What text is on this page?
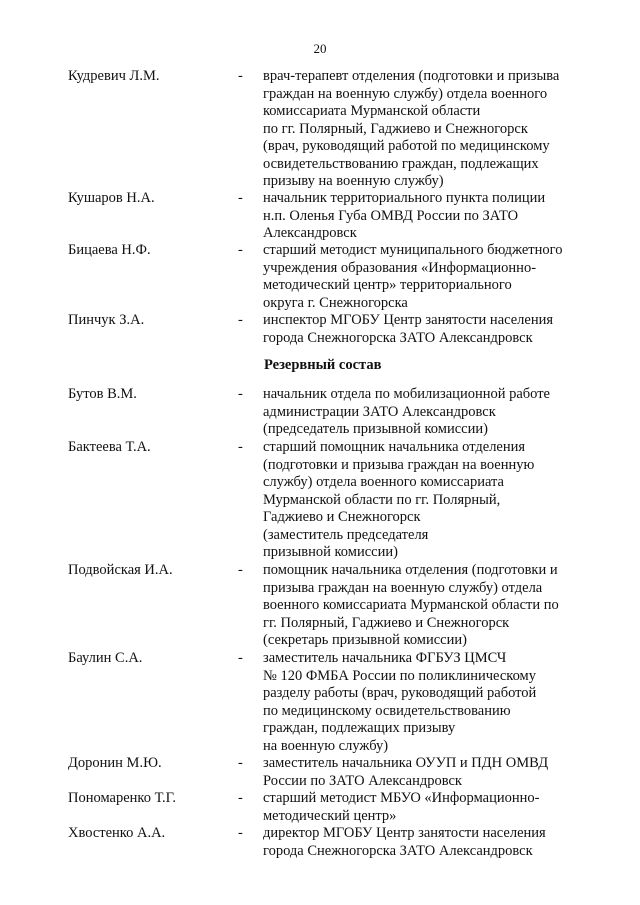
20
Кудревич Л.М.	- врач-терапевт отделения (подготовки и призыва
граждан на военную службу) отдела военного
комиссариата Мурманской области
по гг. Полярный, Гаджиево и Снежногорск
(врач, руководящий работой по медицинскому
освидетельствованию граждан, подлежащих
призыву на военную службу)
Кушаров Н.А.	- начальник территориального пункта полиции
н.п. Оленья Губа ОМВД России по ЗАТО
Александровск
Бицаева Н.Ф.	- старший методист муниципального бюджетного
учреждения образования «Информационно-
методический центр» территориального
округа г. Снежногорска
Пинчук З.А.	- инспектор МГОБУ Центр занятости населения
города Снежногорска ЗАТО Александровск
Резервный состав
Бутов В.М.	- начальник отдела по мобилизационной работе
администрации ЗАТО Александровск
(председатель призывной комиссии)
Бактеева Т.А.	- старший помощник начальника отделения
(подготовки и призыва граждан на военную
службу) отдела военного комиссариата
Мурманской области по гг. Полярный,
Гаджиево и Снежногорск
(заместитель председателя
призывной комиссии)
Подвойская И.А.	- помощник начальника отделения (подготовки и
призыва граждан на военную службу) отдела
военного комиссариата Мурманской области по
гг. Полярный, Гаджиево и Снежногорск
(секретарь призывной комиссии)
Баулин С.А.	- заместитель начальника ФГБУЗ ЦМСЧ
№ 120 ФМБА России по поликлиническому
разделу работы (врач, руководящий работой
по медицинскому освидетельствованию
граждан, подлежащих призыву
на военную службу)
Доронин М.Ю.	- заместитель начальника ОУУП и ПДН ОМВД
России по ЗАТО Александровск
Пономаренко Т.Г.	- старший методист МБУО «Информационно-
методический центр»
Хвостенко А.А.	- директор МГОБУ Центр занятости населения
города Снежногорска ЗАТО Александровск
